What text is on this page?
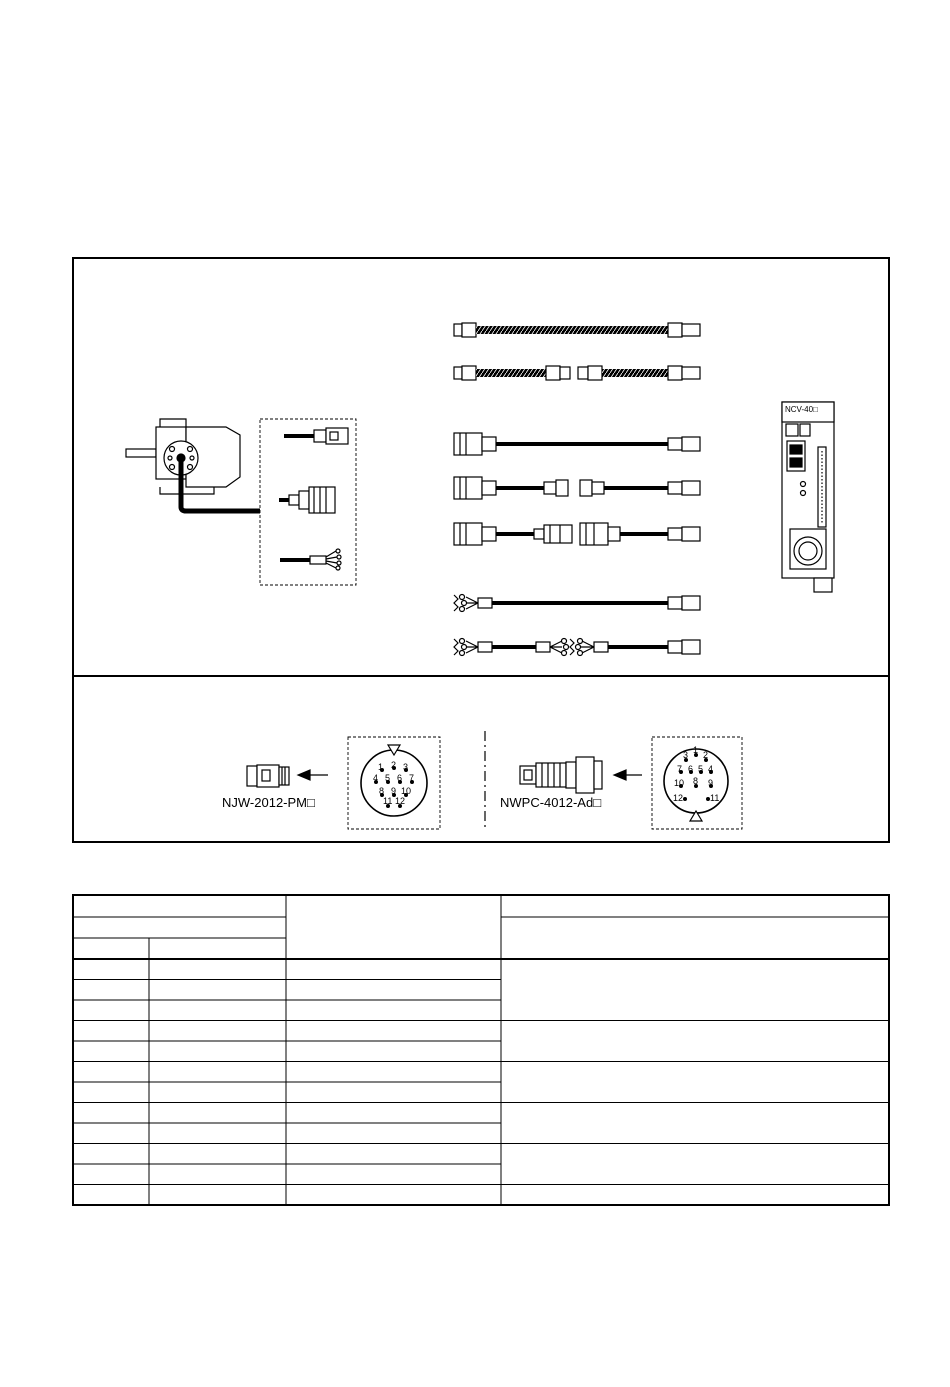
NJW-2012-PM□	NWPC-4012-Ad□
1 2 3
4 5 6 7
8 9 10
11 12
1 2
3
4
5
6
7
8 9
10
11
12
NCV-40□
